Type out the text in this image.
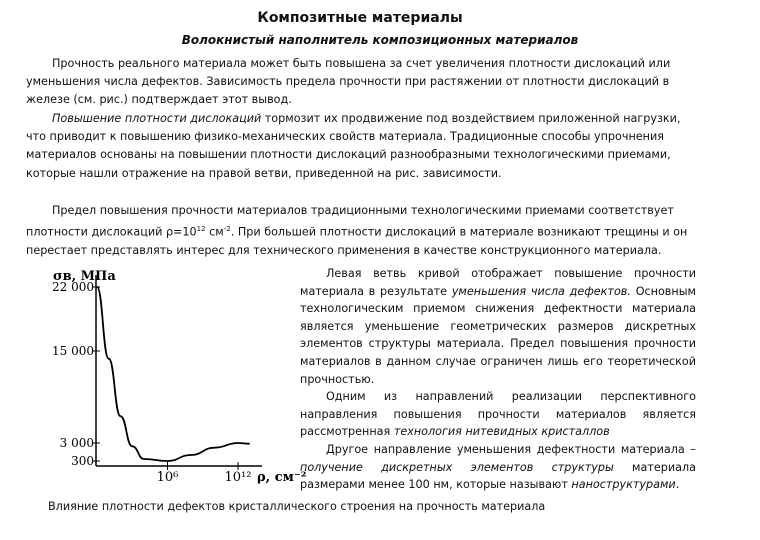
Композитные материалы
Волокнистый наполнитель композиционных материалов

Прочность реального материала может быть повышена за счет увеличения плотности дислокаций или уменьшения числа дефектов. Зависимость предела прочности при растяжении от плотности дислокаций в железе (см. рис.) подтверждает этот вывод.

Повышение плотности дислокаций тормозит их продвижение под воздействием приложенной нагрузки, что приводит к повышению физико-механических свойств материала. Традиционные способы упрочнения материалов основаны на повышении плотности дислокаций разнообразными технологическими приемами, которые нашли отражение на правой ветви, приведенной на рис. зависимости.

Предел повышения прочности материалов традиционными технологическими приемами соответствует плотности дислокаций $\rho=10^{12}$ $см^{-2}$. При большей плотности дислокаций в материале возникают трещины и он перестает представлять интерес для технического применения в качестве конструкционного материала.

σв, МПа
ρ, см⁻²
22 000
15 000
3 000
300
10⁶	10¹²

Левая ветвь кривой отображает повышение прочности материала в результате уменьшения числа дефектов. Основным технологическим приемом снижения дефектности материала является уменьшение геометрических размеров дискретных элементов структуры материала. Предел повышения прочности материалов в данном случае ограничен лишь его теоретической прочностью.

Одним из направлений реализации перспективного направления повышения прочности материалов является рассмотренная технология нитевидных кристаллов

Другое направление уменьшения дефектности материала – получение дискретных элементов структуры материала размерами менее 100 нм, которые называют наноструктурами.

Влияние плотности дефектов кристаллического строения на прочность материала
